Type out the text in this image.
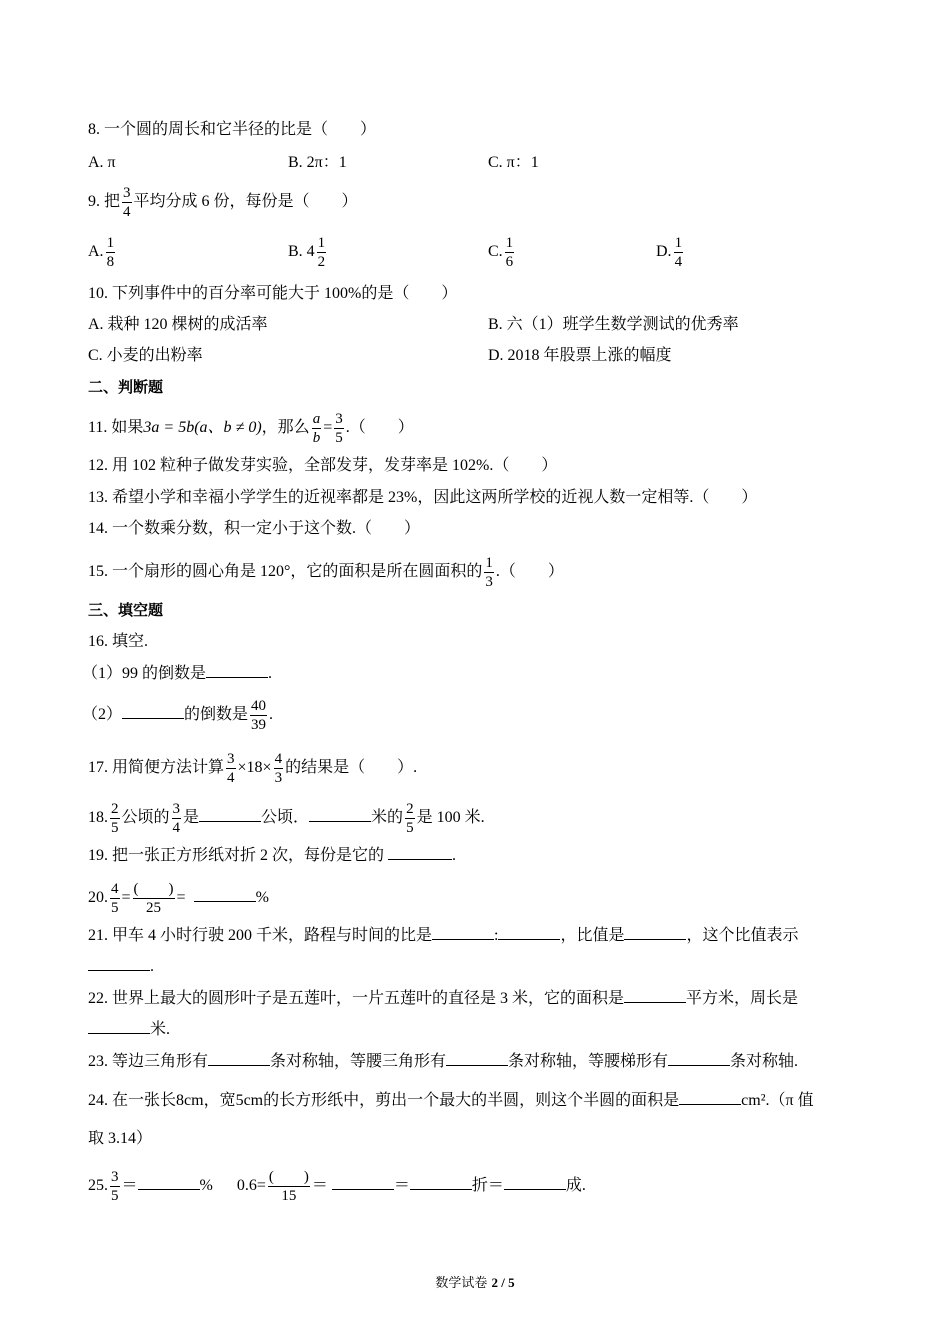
8. 一个圆的周长和它半径的比是（　　）
A. π	B. 2π：1	C. π：1
9. 把 $\frac{3}{4}$ 平均分成 6 份，每份是（　　）
A. $\frac{1}{8}$	B. $4 \frac{1}{2}$	C. $\frac{1}{6}$	D. $\frac{1}{4}$
10. 下列事件中的百分率可能大于 100%的是（　　）
A. 栽种 120 棵树的成活率	B. 六（1）班学生数学测试的优秀率
C. 小麦的出粉率	D. 2018 年股票上涨的幅度
二、判断题
11. 如果3a = 5b(a、b ≠ 0)，那么 $\frac{a}{b} = \frac{3}{5}$ .（　　）
12. 用 102 粒种子做发芽实验，全部发芽，发芽率是 102%.（　　）
13. 希望小学和幸福小学学生的近视率都是 23%，因此这两所学校的近视人数一定相等.（　　）
14. 一个数乘分数，积一定小于这个数.（　　）
15. 一个扇形的圆心角是 120°，它的面积是所在圆面积的 $\frac{1}{3}$ .（　　）
三、填空题
16. 填空.
（1）99 的倒数是	.
（2）	的倒数是 $\frac{40}{39}$ .
17. 用简便方法计算 $\frac{3}{4} \times 18\times \frac{4}{3}$ 的结果是（　　）.
18. $\frac{2}{5}$ 公顷的 $\frac{3}{4}$ 是	公顷．	米的 $\frac{2}{5}$ 是 100 米.
19. 把一张正方形纸对折 2 次，每份是它的	.
20. $\frac{4}{5} = \frac{( )}{25}$ =	%
21. 甲车 4 小时行驶 200 千米，路程与时间的比是	:	，比值是	，这个比值表示
.
22. 世界上最大的圆形叶子是五莲叶，一片五莲叶的直径是 3 米，它的面积是	平方米，周长是
米.
23. 等边三角形有	条对称轴，等腰三角形有	条对称轴，等腰梯形有	条对称轴.
24. 在一张长8cm，宽5cm的长方形纸中，剪出一个最大的半圆，则这个半圆的面积是	cm².（π 值
取 3.14）
25. $\frac{3}{5}$ ＝	% $0.6= \frac{( )}{15}$ ＝	＝	折＝	成.
数学试卷 2 / 5
